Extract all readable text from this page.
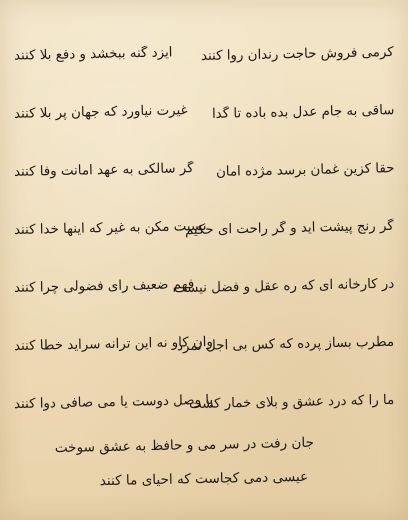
ایزد گنه ببخشد و دفع بلا کنند کرمی فروش حاجت رندان روا کنند
غیرت نیاورد که جهان پر بلا کنند ساقی به جام عدل بده باده تا گدا
گر سالکی به عهد امانت وفا کنند حقا کزین غمان برسد مژده امان
نسبت مکن به غیر که اینها خدا کنند
گر رنج پیشت آید و گر راحت ای حکیم
فهم ضعیف رای فضولی چرا کنند
در کارخانه ای که ره عقل و فضل نیست
وآن کاو نه این ترانه سراید خطا کنند
مطرب بساز پرده که کس بی اجل نمرد
یا وصل دوست یا می صافی دوا کنند
ما را که درد عشق و بلای خمار کشت
جان رفت در سر می و حافظ به عشق سوخت
عیسی دمی کجاست که احیای ما کنند
